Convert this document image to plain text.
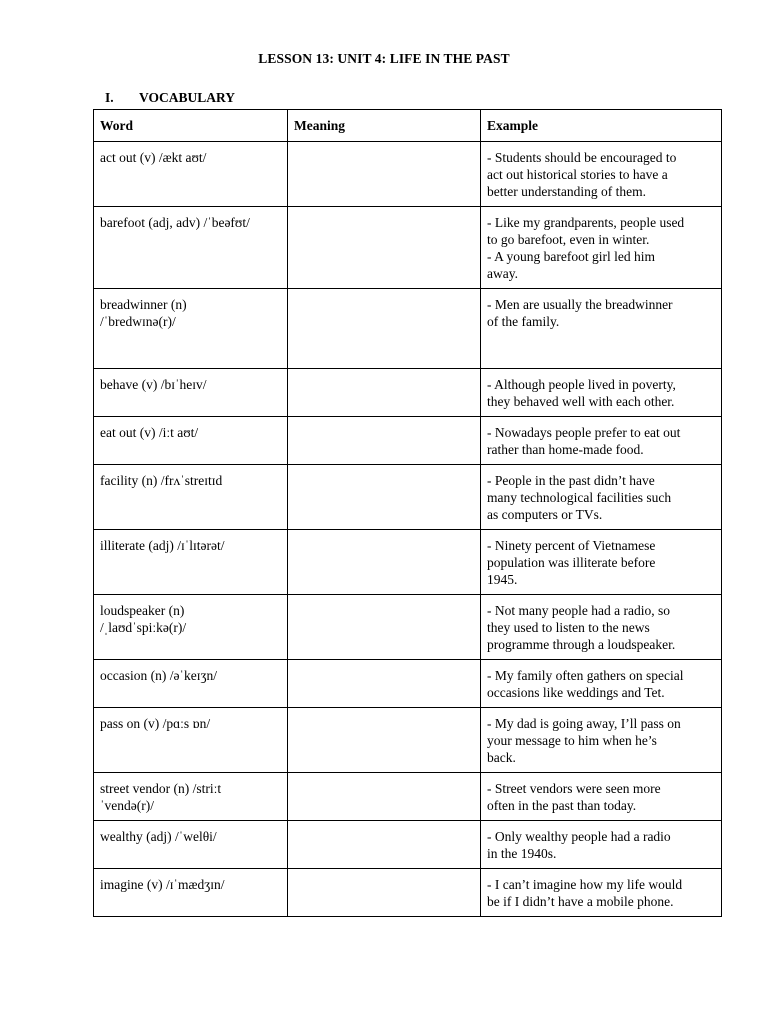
LESSON 13: UNIT 4: LIFE IN THE PAST
I. VOCABULARY
Word	Meaning	Example

act out (v) /ækt aʊt/		- Students should be encouraged to
act out historical stories to have a
better understanding of them.

barefoot (adj, adv) /ˈbeəfʊt/		- Like my grandparents, people used
to go barefoot, even in winter.
- A young barefoot girl led him
away.

breadwinner (n)
/ˈbredwɪnə(r)/		- Men are usually the breadwinner
of the family.

behave (v) /bɪˈheɪv/		- Although people lived in poverty,
they behaved well with each other.

eat out (v) /iːt aʊt/		- Nowadays people prefer to eat out
rather than home-made food.

facility (n) /frʌˈstreɪtɪd		- People in the past didn’t have
many technological facilities such
as computers or TVs.

illiterate (adj) /ɪˈlɪtərət/		- Ninety percent of Vietnamese
population was illiterate before
1945.

loudspeaker (n)
/ˌlaʊdˈspiːkə(r)/		- Not many people had a radio, so
they used to listen to the news
programme through a loudspeaker.

occasion (n) /əˈkeɪʒn/		- My family often gathers on special
occasions like weddings and Tet.

pass on (v) /pɑːs ɒn/		- My dad is going away, I’ll pass on
your message to him when he’s
back.

street vendor (n) /striːt
ˈvendə(r)/		- Street vendors were seen more
often in the past than today.

wealthy (adj) /ˈwelθi/		- Only wealthy people had a radio
in the 1940s.

imagine (v) /ɪˈmædʒɪn/		- I can’t imagine how my life would
be if I didn’t have a mobile phone.
